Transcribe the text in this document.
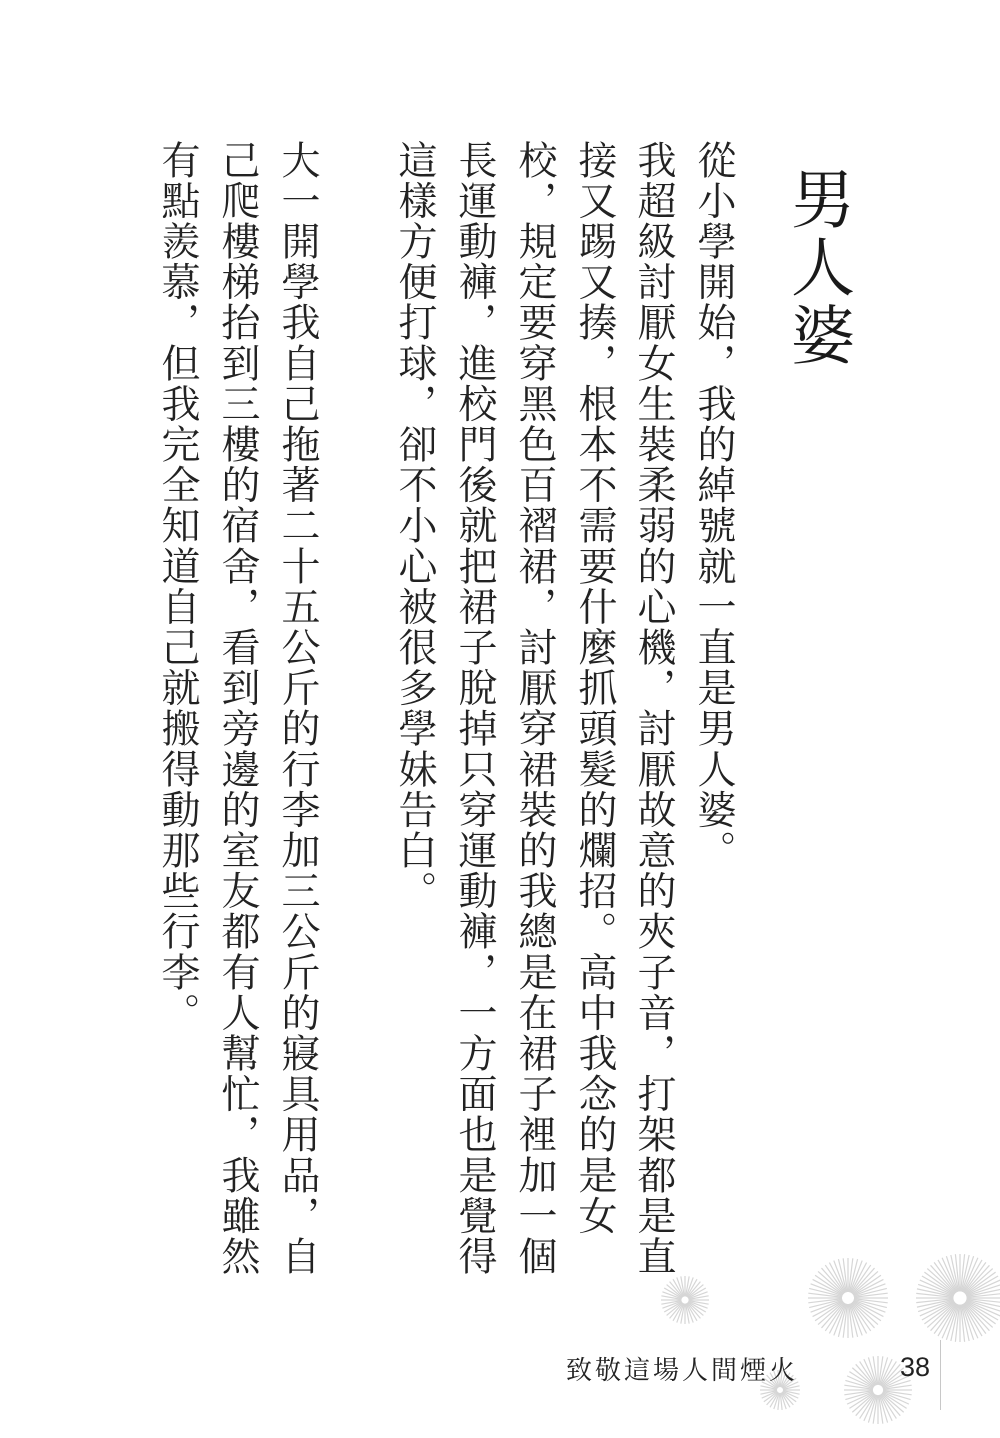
男人婆
從小學開始，我的綽號就一直是男人婆。
我超級討厭女生裝柔弱的心機，討厭故意的夾子音，打架都是直
接又踢又揍，根本不需要什麼抓頭髮的爛招。高中我念的是女
校，規定要穿黑色百褶裙，討厭穿裙裝的我總是在裙子裡加一個
長運動褲，進校門後就把裙子脫掉只穿運動褲，一方面也是覺得
這樣方便打球，卻不小心被很多學妹告白。
大一開學我自己拖著二十五公斤的行李加三公斤的寢具用品，自
己爬樓梯抬到三樓的宿舍，看到旁邊的室友都有人幫忙，我雖然
有點羨慕，但我完全知道自己就搬得動那些行李。
致敬這場人間煙火	38
